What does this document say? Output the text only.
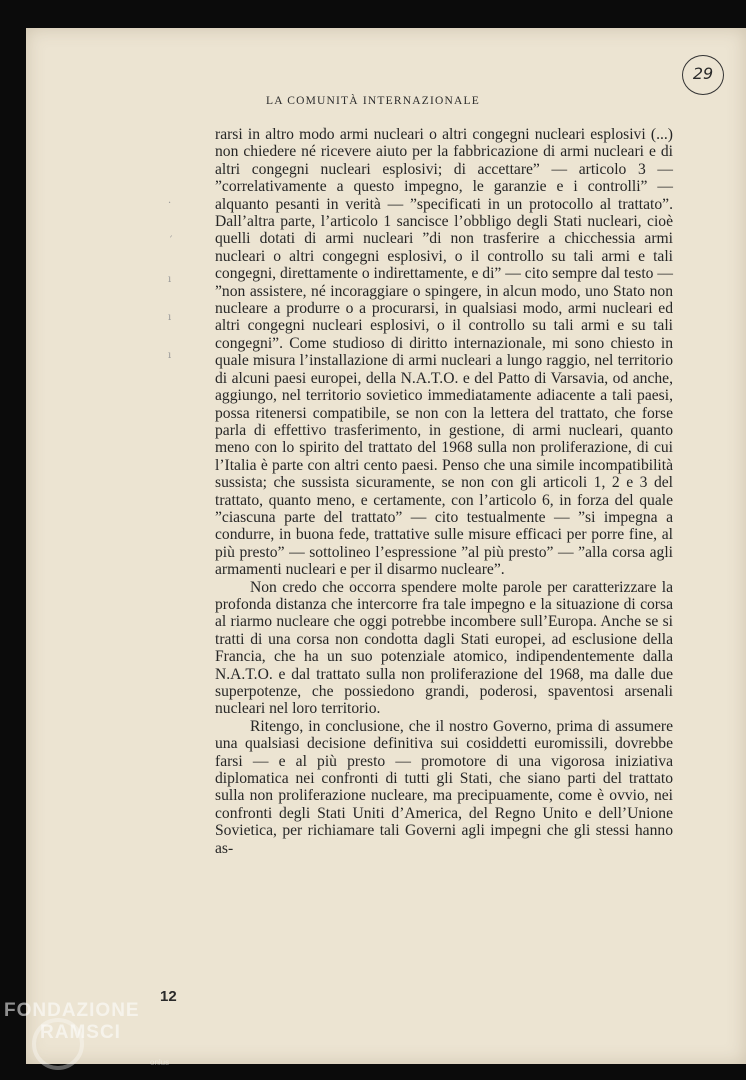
29
LA COMUNITÀ INTERNAZIONALE
·
´
ı
ı
ı

rarsi in altro modo armi nucleari o altri congegni nucleari esplosivi (...) non chiedere né ricevere aiuto per la fabbricazione di armi nucleari e di altri congegni nucleari esplosivi; di accettare” — articolo 3 — ”correlativamente a questo impegno, le garanzie e i controlli” — alquanto pesanti in verità — ”specificati in un protocollo al trattato”. Dall’altra parte, l’articolo 1 sancisce l’obbligo degli Stati nucleari, cioè quelli dotati di armi nucleari ”di non trasferire a chicchessia armi nucleari o altri congegni esplosivi, o il controllo su tali armi e tali congegni, direttamente o indirettamente, e di” — cito sempre dal testo — ”non assistere, né incoraggiare o spingere, in alcun modo, uno Stato non nucleare a produrre o a procurarsi, in qualsiasi modo, armi nucleari ed altri congegni nucleari esplosivi, o il controllo su tali armi e su tali congegni”. Come studioso di diritto internazionale, mi sono chiesto in quale misura l’installazione di armi nucleari a lungo raggio, nel territorio di alcuni paesi europei, della N.A.T.O. e del Patto di Varsavia, od anche, aggiungo, nel territorio sovietico immediatamente adiacente a tali paesi, possa ritenersi compatibile, se non con la lettera del trattato, che forse parla di effettivo trasferimento, in gestione, di armi nucleari, quanto meno con lo spirito del trattato del 1968 sulla non proliferazione, di cui l’Italia è parte con altri cento paesi. Penso che una simile incompatibilità sussista; che sussista sicuramente, se non con gli articoli 1, 2 e 3 del trattato, quanto meno, e certamente, con l’articolo 6, in forza del quale ”ciascuna parte del trattato” — cito testualmente — ”si impegna a condurre, in buona fede, trattative sulle misure efficaci per porre fine, al più presto” — sottolineo l’espressione ”al più presto” — ”alla corsa agli armamenti nucleari e per il disarmo nucleare”.

Non credo che occorra spendere molte parole per caratterizzare la profonda distanza che intercorre fra tale impegno e la situazione di corsa al riarmo nucleare che oggi potrebbe incombere sull’Europa. Anche se si tratti di una corsa non condotta dagli Stati europei, ad esclusione della Francia, che ha un suo potenziale atomico, indipendentemente dalla N.A.T.O. e dal trattato sulla non proliferazione del 1968, ma dalle due superpotenze, che possiedono grandi, poderosi, spaventosi arsenali nucleari nel loro territorio.

Ritengo, in conclusione, che il nostro Governo, prima di assumere una qualsiasi decisione definitiva sui cosiddetti euromissili, dovrebbe farsi — e al più presto — promotore di una vigorosa iniziativa diplomatica nei confronti di tutti gli Stati, che siano parti del trattato sulla non proliferazione nucleare, ma precipuamente, come è ovvio, nei confronti degli Stati Uniti d’America, del Regno Unito e dell’Unione Sovietica, per richiamare tali Governi agli impegni che gli stessi hanno as-

12
FONDAZIONE
RAMSCI
onlus
